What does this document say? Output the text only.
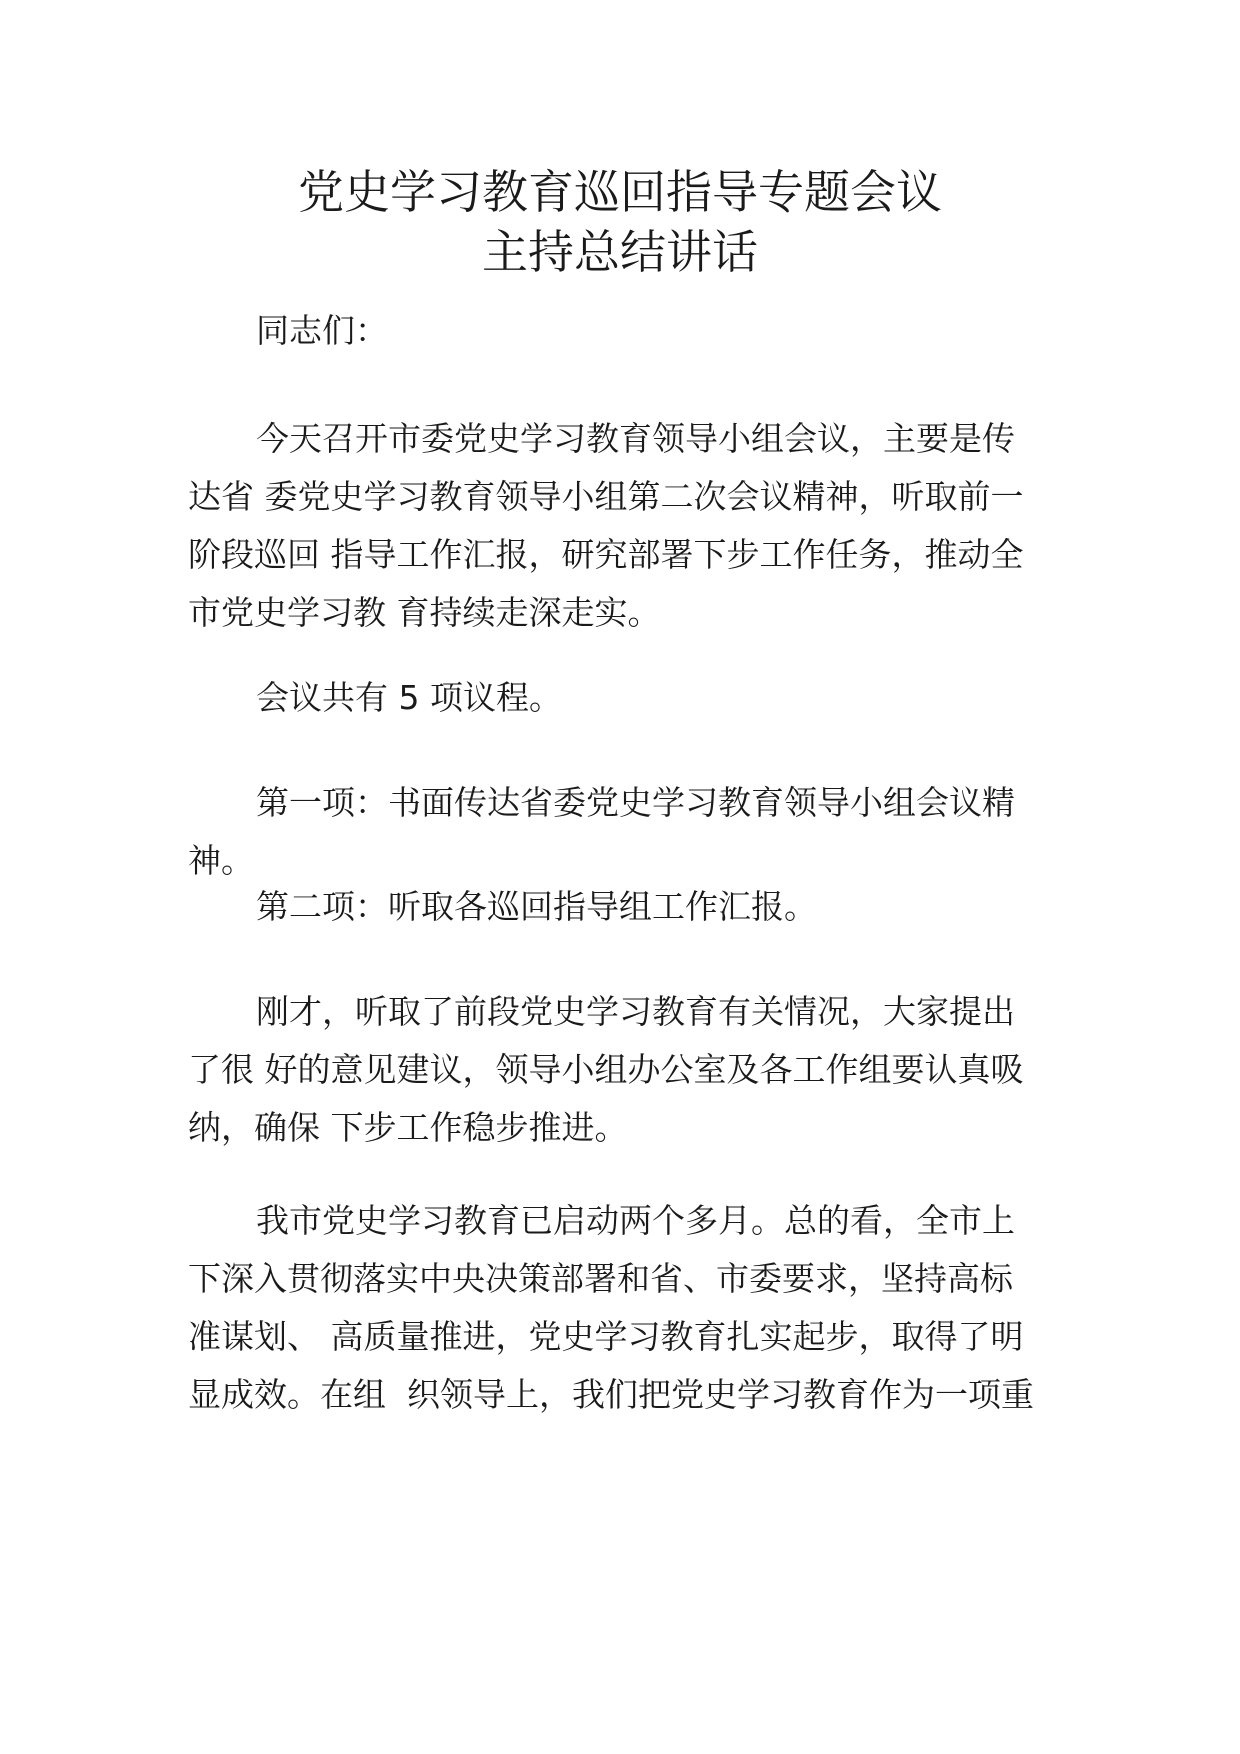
党史学习教育巡回指导专题会议
主持总结讲话
同志们：
今天召开市委党史学习教育领导小组会议，主要是传
达省 委党史学习教育领导小组第二次会议精神，听取前一
阶段巡回 指导工作汇报，研究部署下步工作任务，推动全
市党史学习教 育持续走深走实。
会议共有 5 项议程。
第一项：书面传达省委党史学习教育领导小组会议精
神。
第二项：听取各巡回指导组工作汇报。
刚才，听取了前段党史学习教育有关情况，大家提出
了很 好的意见建议，领导小组办公室及各工作组要认真吸
纳，确保 下步工作稳步推进。
我市党史学习教育已启动两个多月。总的看，全市上
下深入贯彻落实中央决策部署和省、市委要求，坚持高标
准谋划、 高质量推进，党史学习教育扎实起步，取得了明
显成效。在组  织领导上，我们把党史学习教育作为一项重
